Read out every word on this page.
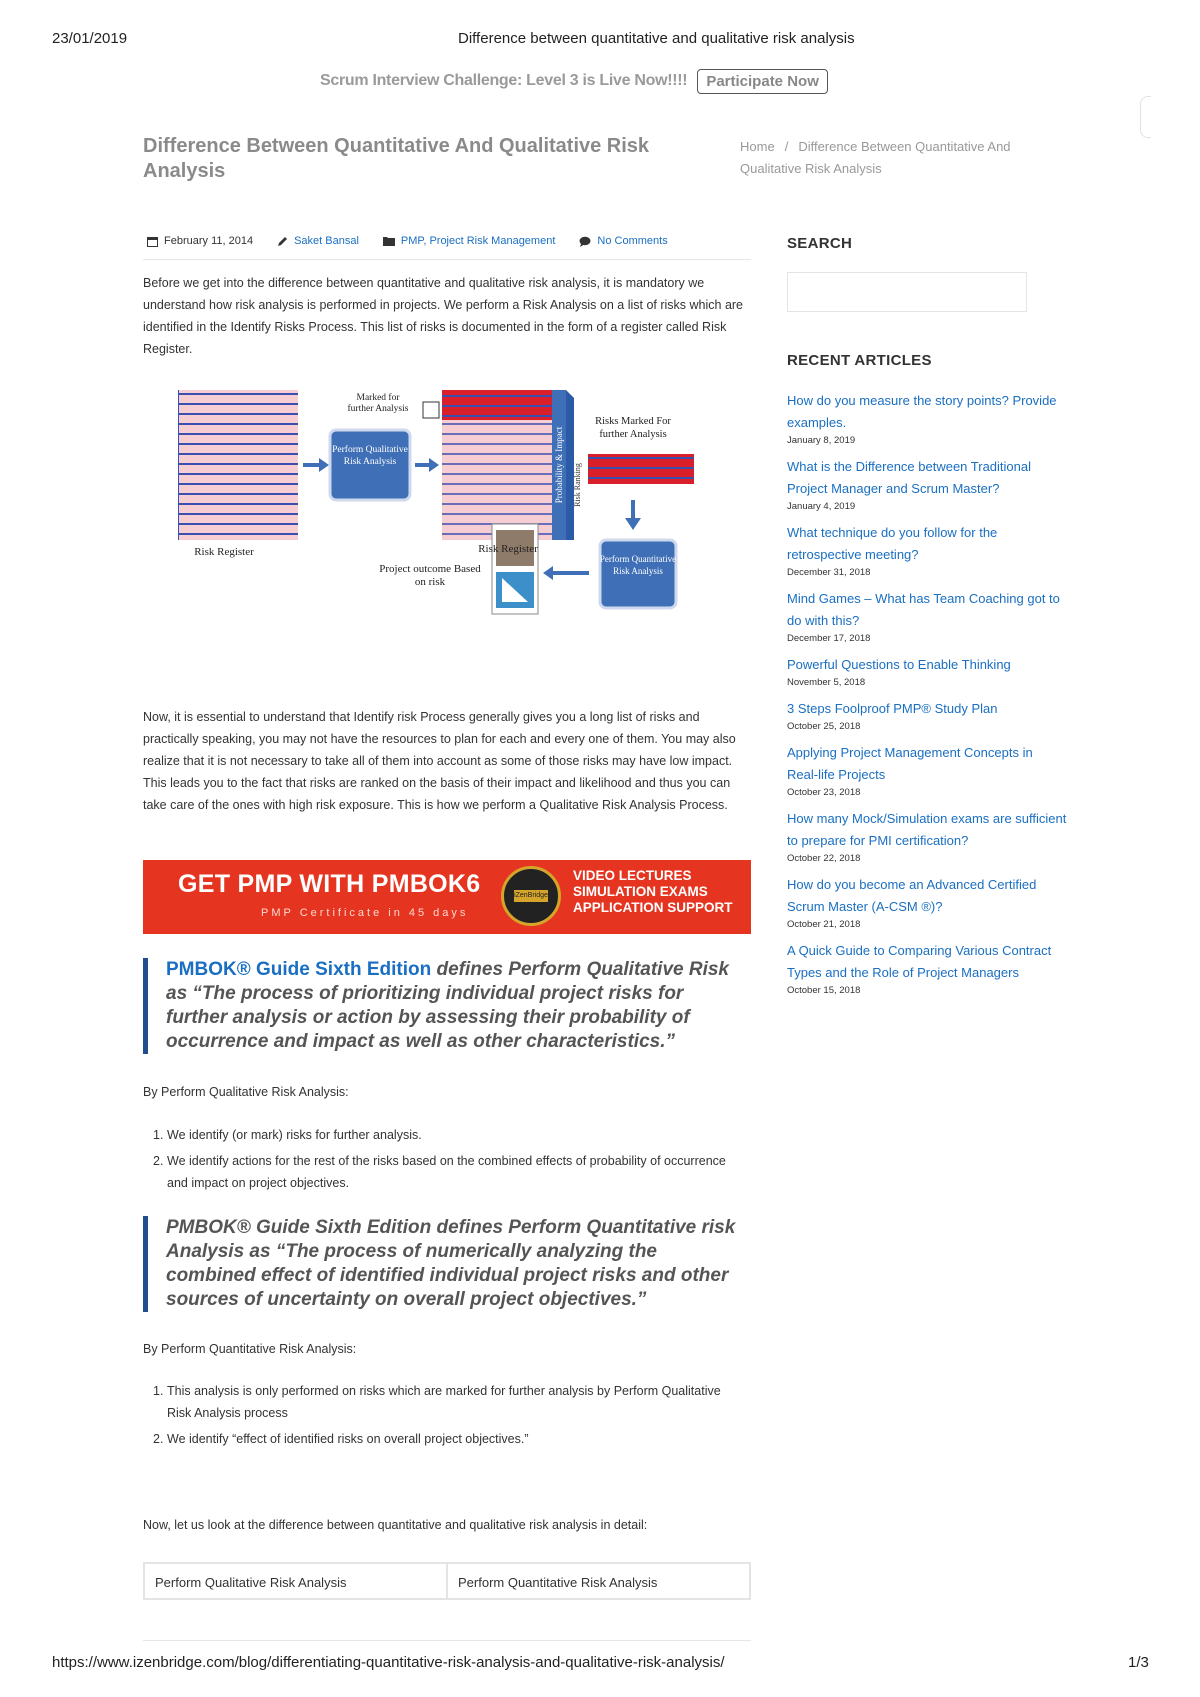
23/01/2019	Difference between quantitative and qualitative risk analysis
https://www.izenbridge.com/blog/differentiating-quantitative-risk-analysis-and-qualitative-risk-analysis/	1/3
Scrum Interview Challenge: Level 3 is Live Now!!!!	Participate Now
Difference Between Quantitative And Qualitative Risk Analysis
Home / Difference Between Quantitative And Qualitative Risk Analysis
February 11, 2014	Saket Bansal	PMP, Project Risk Management	No Comments
Before we get into the difference between quantitative and qualitative risk analysis, it is mandatory we understand how risk analysis is performed in projects. We perform a Risk Analysis on a list of risks which are identified in the Identify Risks Process. This list of risks is documented in the form of a register called Risk Register.
Perform Qualitative Risk Analysis
Marked for further Analysis
Probability & Impact Risk Ranking
Risks Marked For further Analysis
Perform Quantitative Risk Analysis
Risk Register	Risk Register
Project outcome Based on risk
Now, it is essential to understand that Identify risk Process generally gives you a long list of risks and practically speaking, you may not have the resources to plan for each and every one of them. You may also realize that it is not necessary to take all of them into account as some of those risks may have low impact. This leads you to the fact that risks are ranked on the basis of their impact and likelihood and thus you can take care of the ones with high risk exposure. This is how we perform a Qualitative Risk Analysis Process.
GET PMP WITH PMBOK6
PMP Certificate in 45 days
iZenBridge
VIDEO LECTURES
SIMULATION EXAMS
APPLICATION SUPPORT
PMBOK® Guide Sixth Edition defines Perform Qualitative Risk as “The process of prioritizing individual project risks for further analysis or action by assessing their probability of occurrence and impact as well as other characteristics.”
By Perform Qualitative Risk Analysis:
1. We identify (or mark) risks for further analysis.
2. We identify actions for the rest of the risks based on the combined effects of probability of occurrence and impact on project objectives.
PMBOK® Guide Sixth Edition defines Perform Quantitative risk Analysis as “The process of numerically analyzing the combined effect of identified individual project risks and other sources of uncertainty on overall project objectives.”
By Perform Quantitative Risk Analysis:
1. This analysis is only performed on risks which are marked for further analysis by Perform Qualitative Risk Analysis process
2. We identify “effect of identified risks on overall project objectives.”
Now, let us look at the difference between quantitative and qualitative risk analysis in detail:
Perform Qualitative Risk Analysis	Perform Quantitative Risk Analysis
SEARCH
RECENT ARTICLES
How do you measure the story points? Provide examples.
January 8, 2019
What is the Difference between Traditional Project Manager and Scrum Master?
January 4, 2019
What technique do you follow for the retrospective meeting?
December 31, 2018
Mind Games – What has Team Coaching got to do with this?
December 17, 2018
Powerful Questions to Enable Thinking
November 5, 2018
3 Steps Foolproof PMP® Study Plan
October 25, 2018
Applying Project Management Concepts in Real-life Projects
October 23, 2018
How many Mock/Simulation exams are sufficient to prepare for PMI certification?
October 22, 2018
How do you become an Advanced Certified Scrum Master (A-CSM ®)?
October 21, 2018
A Quick Guide to Comparing Various Contract Types and the Role of Project Managers
October 15, 2018
